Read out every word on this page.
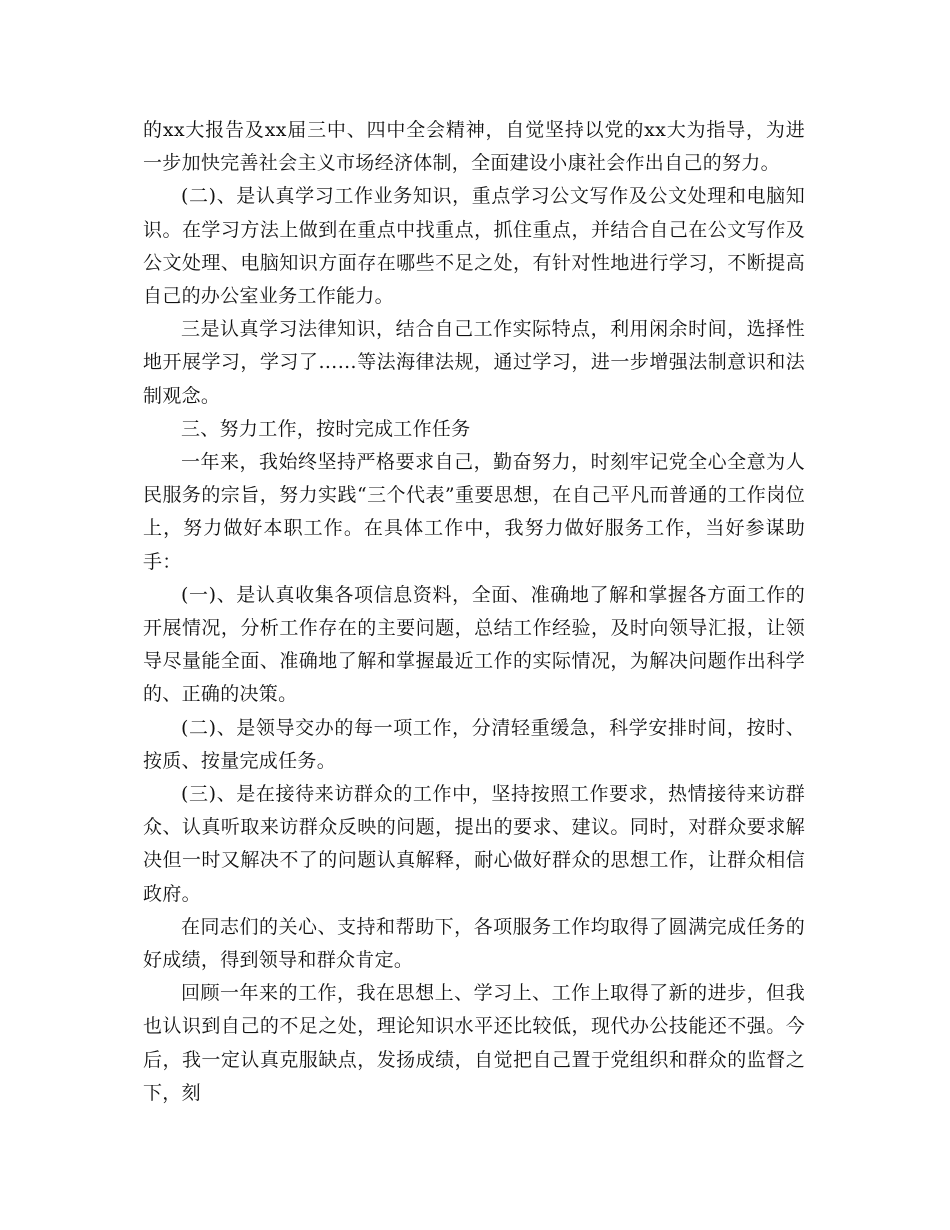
的xx大报告及xx届三中、四中全会精神，自觉坚持以党的xx大为指导，为进一步加快完善社会主义市场经济体制，全面建设小康社会作出自己的努力。

(二)、是认真学习工作业务知识，重点学习公文写作及公文处理和电脑知识。在学习方法上做到在重点中找重点，抓住重点，并结合自己在公文写作及公文处理、电脑知识方面存在哪些不足之处，有针对性地进行学习，不断提高自己的办公室业务工作能力。

三是认真学习法律知识，结合自己工作实际特点，利用闲余时间，选择性地开展学习，学习了……等法海律法规，通过学习，进一步增强法制意识和法制观念。

三、努力工作，按时完成工作任务

一年来，我始终坚持严格要求自己，勤奋努力，时刻牢记党全心全意为人民服务的宗旨，努力实践“三个代表”重要思想，在自己平凡而普通的工作岗位上，努力做好本职工作。在具体工作中，我努力做好服务工作，当好参谋助手：

(一)、是认真收集各项信息资料，全面、准确地了解和掌握各方面工作的开展情况，分析工作存在的主要问题，总结工作经验，及时向领导汇报，让领导尽量能全面、准确地了解和掌握最近工作的实际情况，为解决问题作出科学的、正确的决策。

(二)、是领导交办的每一项工作，分清轻重缓急，科学安排时间，按时、按质、按量完成任务。

(三)、是在接待来访群众的工作中，坚持按照工作要求，热情接待来访群众、认真听取来访群众反映的问题，提出的要求、建议。同时，对群众要求解决但一时又解决不了的问题认真解释，耐心做好群众的思想工作，让群众相信政府。

在同志们的关心、支持和帮助下，各项服务工作均取得了圆满完成任务的好成绩，得到领导和群众肯定。

回顾一年来的工作，我在思想上、学习上、工作上取得了新的进步，但我也认识到自己的不足之处，理论知识水平还比较低，现代办公技能还不强。今后，我一定认真克服缺点，发扬成绩，自觉把自己置于党组织和群众的监督之下，刻
